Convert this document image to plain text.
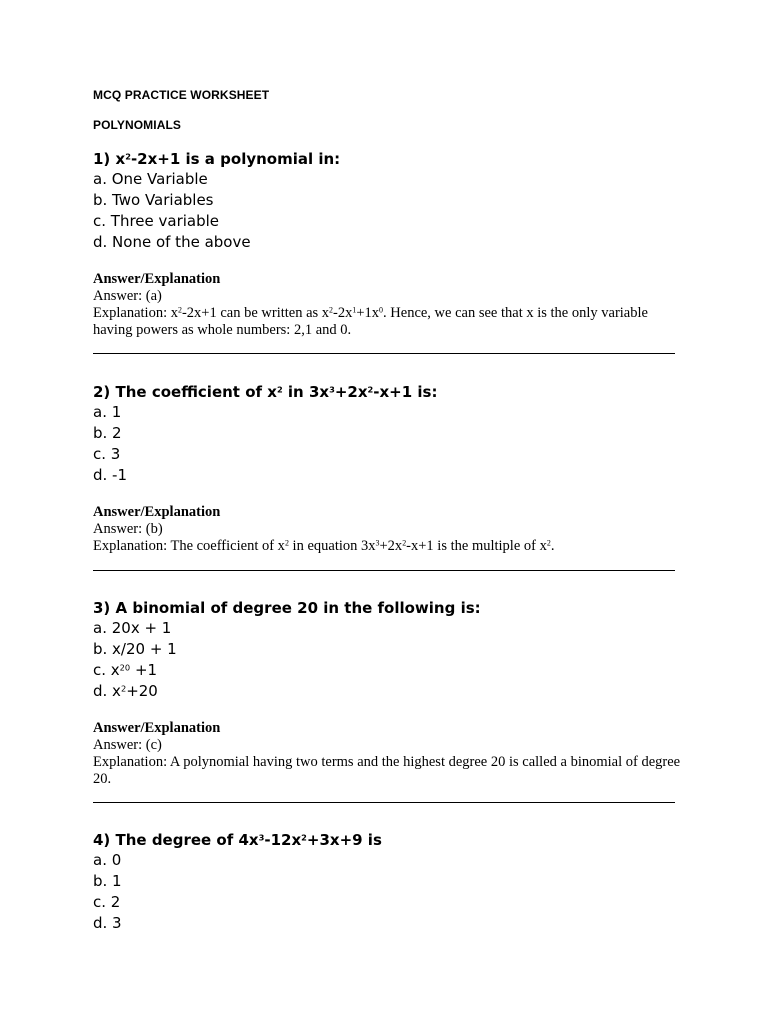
MCQ PRACTICE WORKSHEET
POLYNOMIALS
1) $x^2-2x+1$ is a polynomial in:
a. One Variable
b. Two Variables
c. Three variable
d. None of the above
Answer/Explanation
Answer: (a)
Explanation: $x^2-2x+1$ can be written as $x^2-2x^1+1x^0$. Hence, we can see that x is the only variable having powers as whole numbers: 2,1 and 0.
2) The coefficient of $x^2$ in $3x^3+2x^2-x+1$ is:
a. 1
b. 2
c. 3
d. -1
Answer/Explanation
Answer: (b)
Explanation: The coefficient of $x^2$ in equation $3x^3+2x^2-x+1$ is the multiple of $x^2$.
3) A binomial of degree 20 in the following is:
a. 20x + 1
b. x/20 + 1
c. $x^{20} +1$
d. $x^2+20$
Answer/Explanation
Answer: (c)
Explanation: A polynomial having two terms and the highest degree 20 is called a binomial of degree 20.
4) The degree of $4x^3-12x^2+3x+9$ is
a. 0
b. 1
c. 2
d. 3
